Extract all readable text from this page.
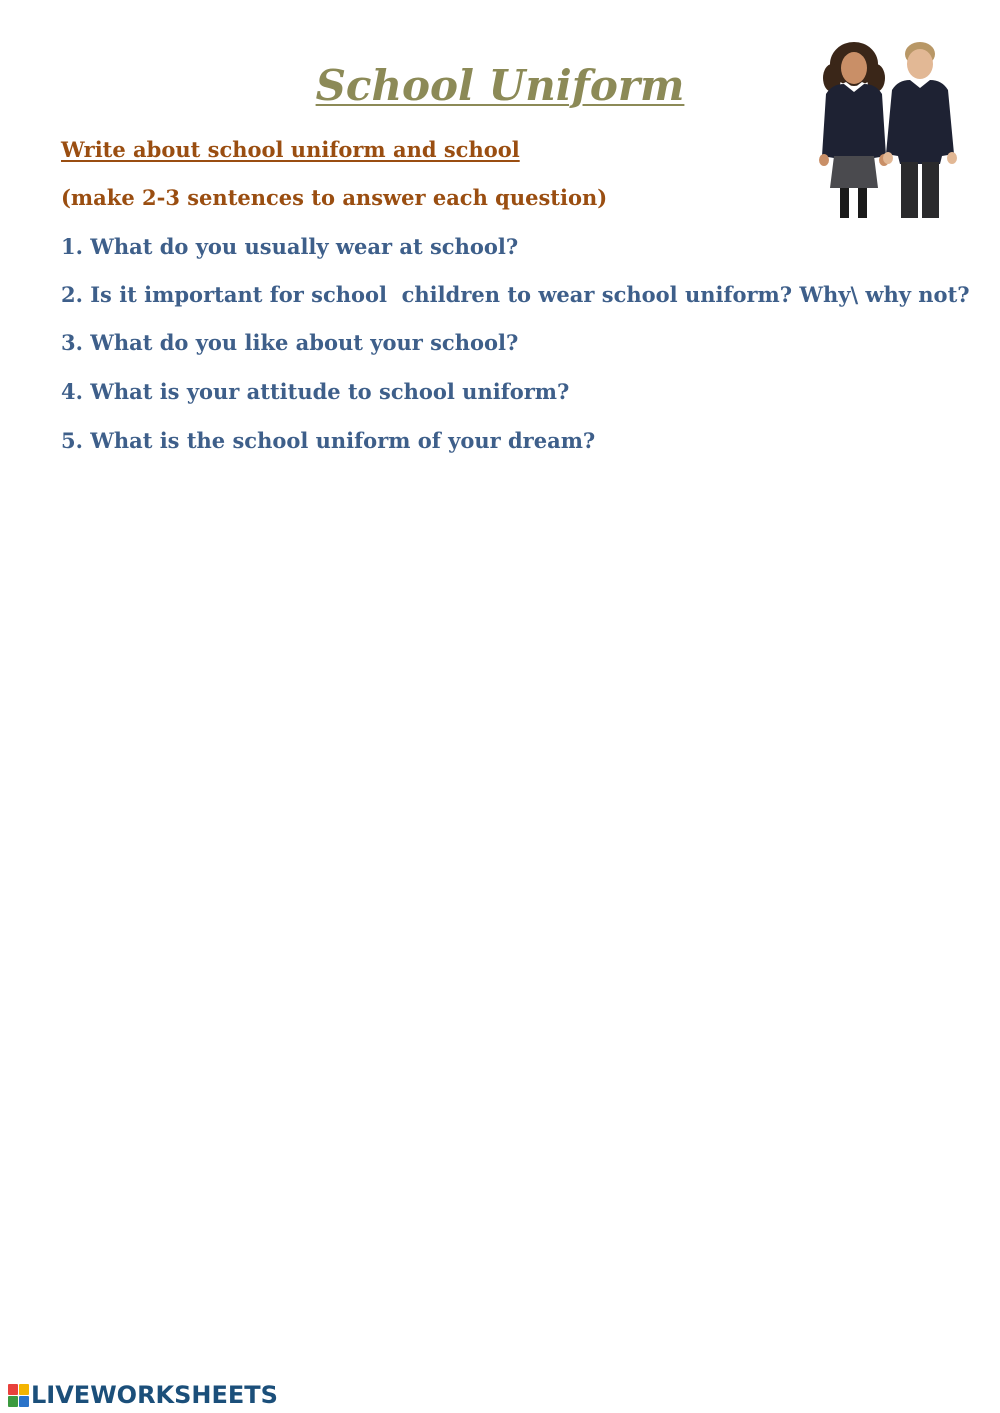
School Uniform

Write about school uniform and school

(make 2-3 sentences to answer each question)

1. What do you usually wear at school?

2. Is it important for school  children to wear school uniform? Why\ why not?

3. What do you like about your school?

4. What is your attitude to school uniform?

5. What is the school uniform of your dream?

LIVEWORKSHEETS
